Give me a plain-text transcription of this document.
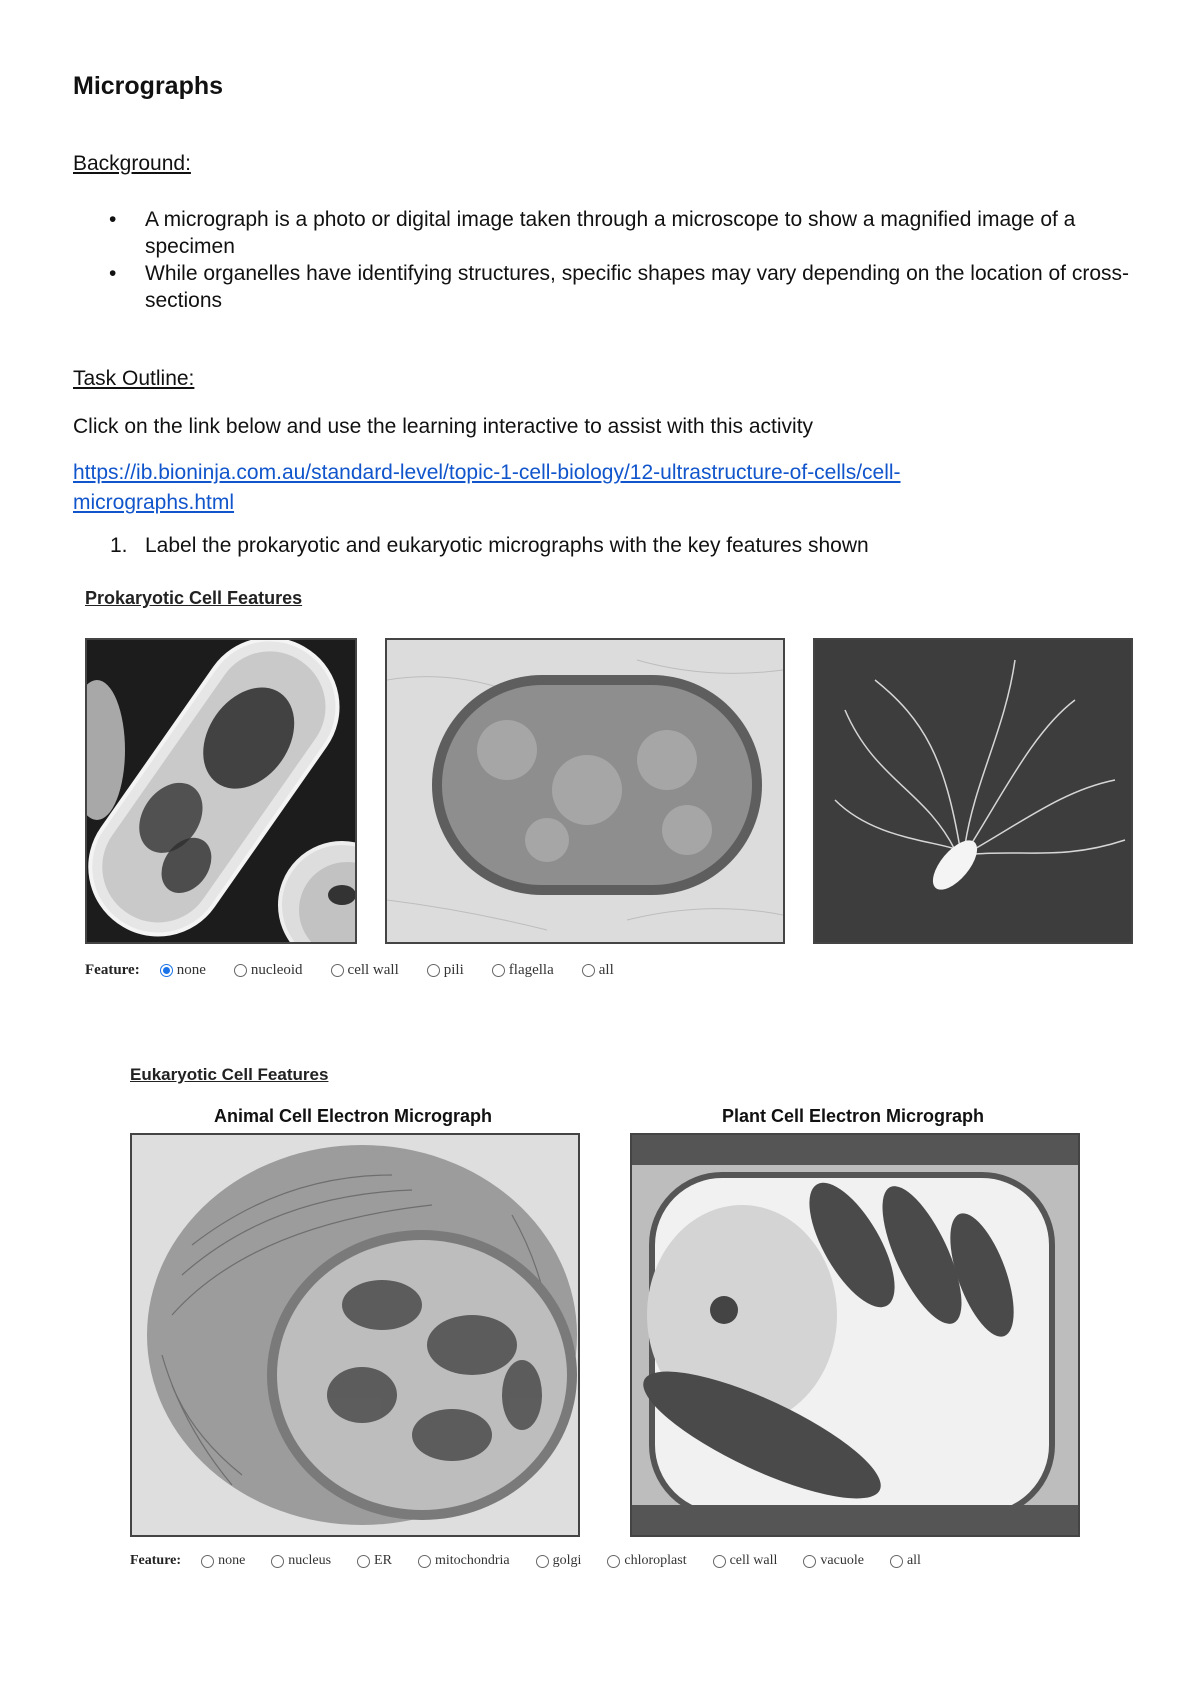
Micrographs
Background:
• A micrograph is a photo or digital image taken through a microscope to show a magnified image of a specimen
• While organelles have identifying structures, specific shapes may vary depending on the location of cross-sections
Task Outline:
Click on the link below and use the learning interactive to assist with this activity
https://ib.bioninja.com.au/standard-level/topic-1-cell-biology/12-ultrastructure-of-cells/cell-
micrographs.html
1. Label the prokaryotic and eukaryotic micrographs with the key features shown
Prokaryotic Cell Features
Feature: none	nucleoid	cell wall	pili	flagella	all
Eukaryotic Cell Features
Animal Cell Electron Micrograph	Plant Cell Electron Micrograph
Feature:	none	nucleus	ER	mitochondria	golgi	chloroplast	cell wall	vacuole	all
